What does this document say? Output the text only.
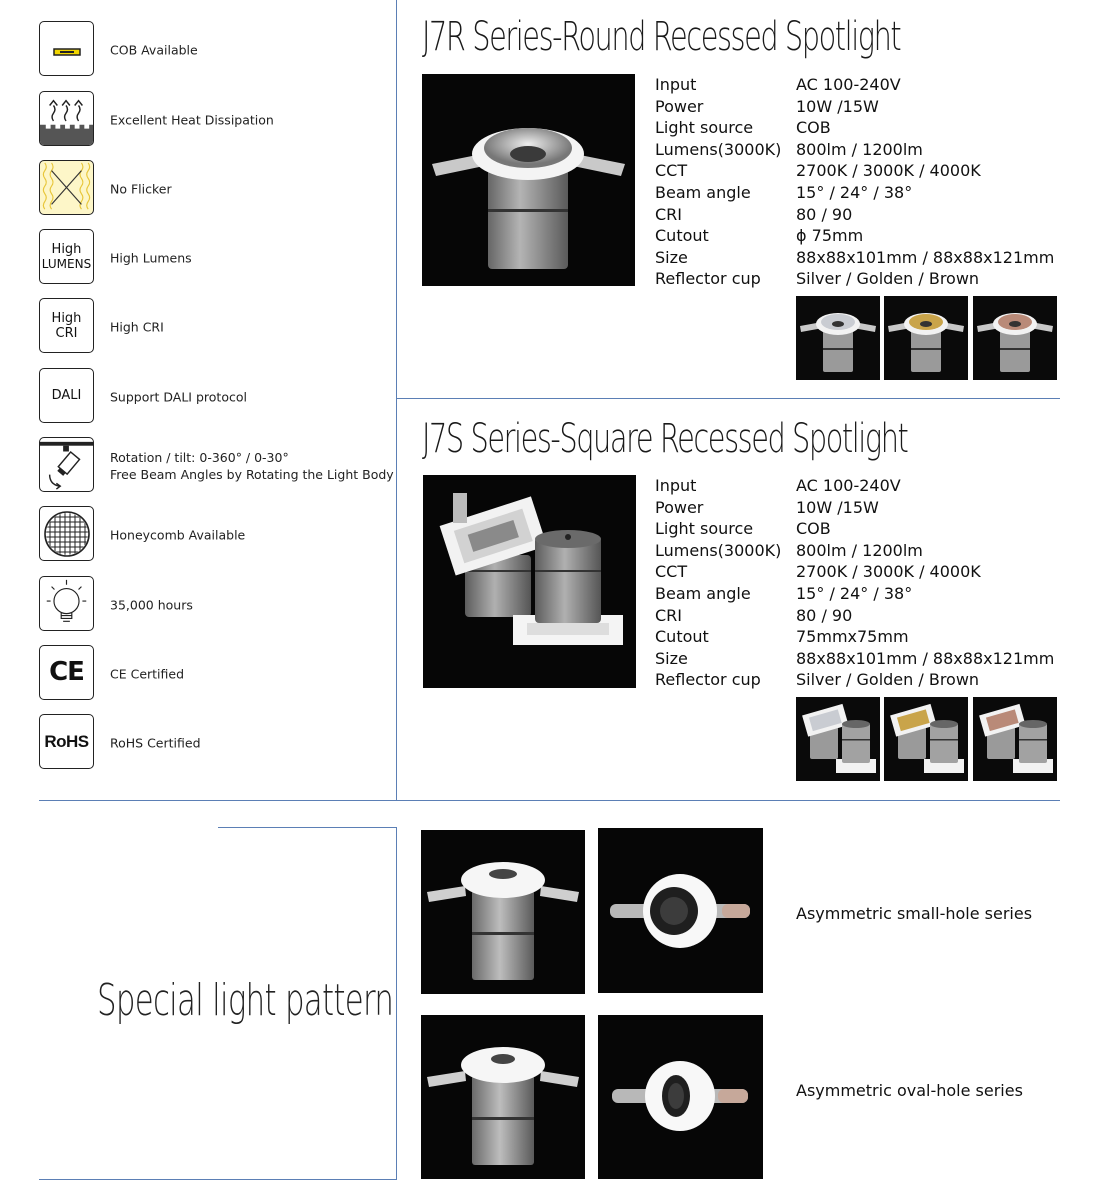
COB Available
Excellent Heat Dissipation
No Flicker
High
LUMENS High Lumens
High
CRI	High CRI
DALI Support DALI protocol
Rotation / tilt: 0-360° / 0-30°
Free Beam Angles by Rotating the Light Body
Honeycomb Available
35,000 hours
CE CE Certified
RoHS RoHS Certified
J7R Series-Round Recessed Spotlight
Input	AC 100-240V
Power	10W /15W
Light source	COB
Lumens(3000K) 800lm / 1200lm
CCT	2700K / 3000K / 4000K
Beam angle	15° / 24° / 38°
CRI	80 / 90
Cutout	ϕ 75mm
Size	88x88x101mm / 88x88x121mm
Reflector cup	Silver / Golden / Brown
J7S Series-Square Recessed Spotlight
Input	AC 100-240V
Power	10W /15W
Light source	COB
Lumens(3000K) 800lm / 1200lm
CCT	2700K / 3000K / 4000K
Beam angle	15° / 24° / 38°
CRI	80 / 90
Cutout	75mmx75mm
Size	88x88x101mm / 88x88x121mm
Reflector cup	Silver / Golden / Brown
Special light pattern
Asymmetric small-hole series
Asymmetric oval-hole series
